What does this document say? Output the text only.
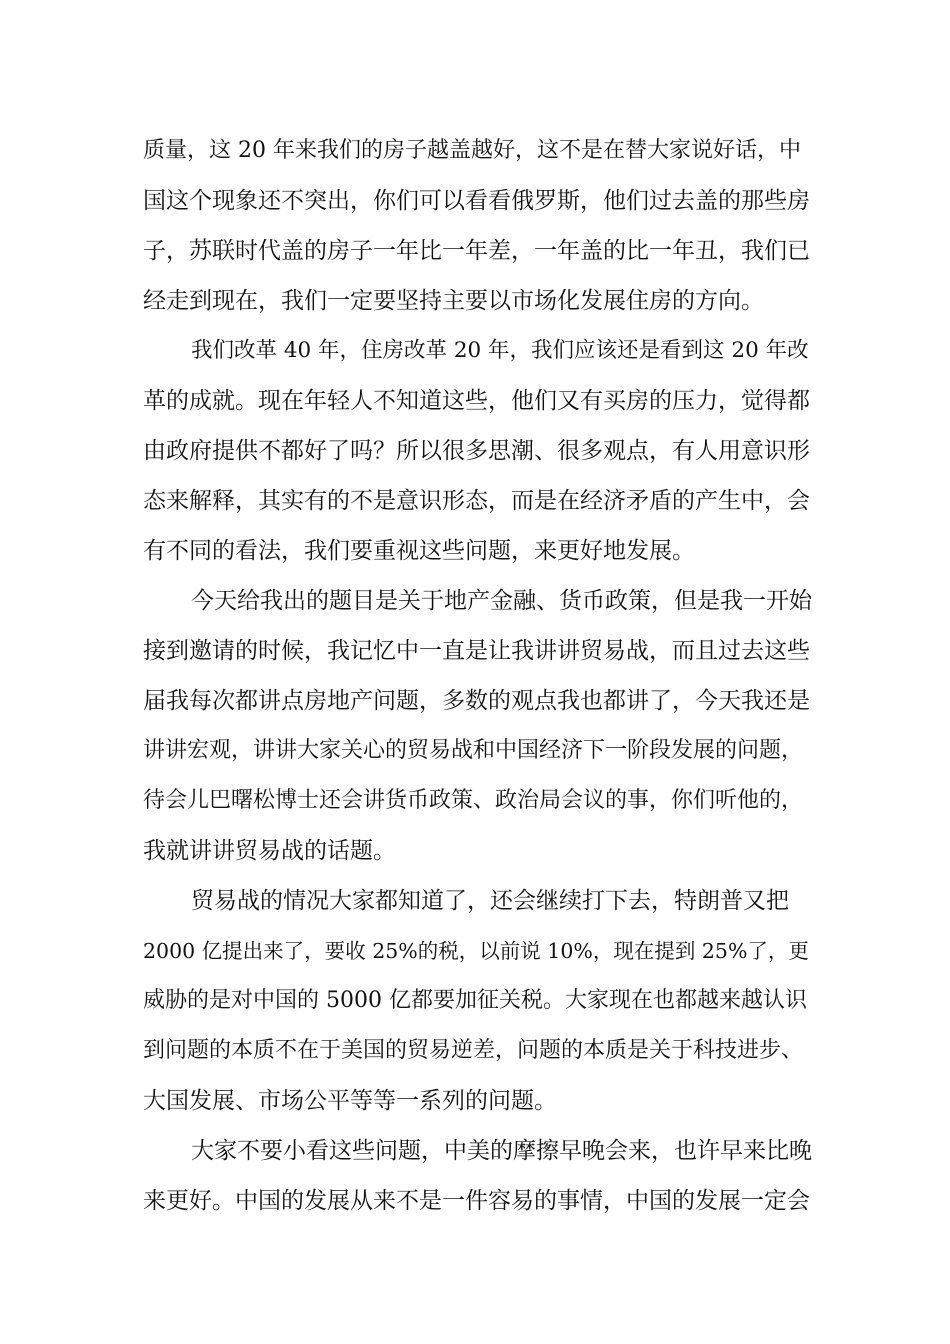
质量，这 20 年来我们的房子越盖越好，这不是在替大家说好话，中
国这个现象还不突出，你们可以看看俄罗斯，他们过去盖的那些房
子，苏联时代盖的房子一年比一年差，一年盖的比一年丑，我们已
经走到现在，我们一定要坚持主要以市场化发展住房的方向。
我们改革 40 年，住房改革 20 年，我们应该还是看到这 20 年改
革的成就。现在年轻人不知道这些，他们又有买房的压力，觉得都
由政府提供不都好了吗？所以很多思潮、很多观点，有人用意识形
态来解释，其实有的不是意识形态，而是在经济矛盾的产生中，会
有不同的看法，我们要重视这些问题，来更好地发展。
今天给我出的题目是关于地产金融、货币政策，但是我一开始
接到邀请的时候，我记忆中一直是让我讲讲贸易战，而且过去这些
届我每次都讲点房地产问题，多数的观点我也都讲了，今天我还是
讲讲宏观，讲讲大家关心的贸易战和中国经济下一阶段发展的问题，
待会儿巴曙松博士还会讲货币政策、政治局会议的事，你们听他的，
我就讲讲贸易战的话题。
贸易战的情况大家都知道了，还会继续打下去，特朗普又把
2000 亿提出来了，要收 25%的税，以前说 10%，现在提到 25%了，更
威胁的是对中国的 5000 亿都要加征关税。大家现在也都越来越认识
到问题的本质不在于美国的贸易逆差，问题的本质是关于科技进步、
大国发展、市场公平等等一系列的问题。
大家不要小看这些问题，中美的摩擦早晚会来，也许早来比晚
来更好。中国的发展从来不是一件容易的事情，中国的发展一定会
